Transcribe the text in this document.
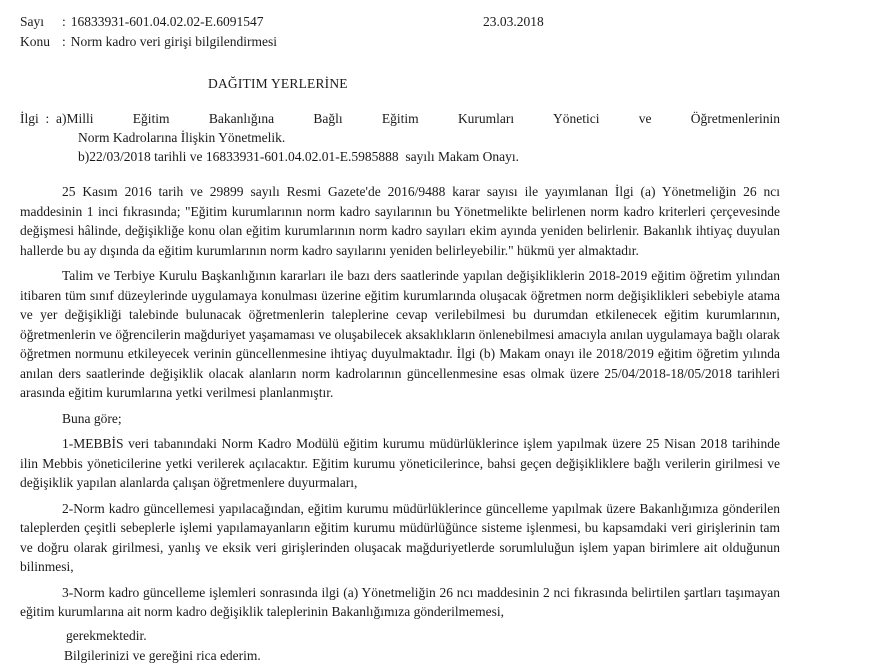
Sayı	: 16833931-601.04.02.02-E.6091547
Konu : Norm kadro veri girişi bilgilendirmesi
23.03.2018
DAĞITIM YERLERİNE
İlgi  : a)Milli Eğitim Bakanlığına Bağlı Eğitim Kurumları Yönetici ve Öğretmenlerinin
Norm Kadrolarına İlişkin Yönetmelik.
b)22/03/2018 tarihli ve 16833931-601.04.02.01-E.5985888  sayılı Makam Onayı.

25 Kasım 2016 tarih ve 29899 sayılı Resmi Gazete'de 2016/9488 karar sayısı ile yayımlanan İlgi (a) Yönetmeliğin 26 ncı maddesinin 1 inci fıkrasında; "Eğitim kurumlarının norm kadro sayılarının bu Yönetmelikte belirlenen norm kadro kriterleri çerçevesinde değişmesi hâlinde, değişikliğe konu olan eğitim kurumlarının norm kadro sayıları ekim ayında yeniden belirlenir. Bakanlık ihtiyaç duyulan hallerde bu ay dışında da eğitim kurumlarının norm kadro sayılarını yeniden belirleyebilir." hükmü yer almaktadır.

Talim ve Terbiye Kurulu Başkanlığının kararları ile bazı ders saatlerinde yapılan değişikliklerin 2018-2019 eğitim öğretim yılından itibaren tüm sınıf düzeylerinde uygulamaya konulması üzerine eğitim kurumlarında oluşacak öğretmen norm değişiklikleri sebebiyle atama ve yer değişikliği talebinde bulunacak öğretmenlerin taleplerine cevap verilebilmesi bu durumdan etkilenecek eğitim kurumlarının, öğretmenlerin ve öğrencilerin mağduriyet yaşamaması ve oluşabilecek aksaklıkların önlenebilmesi amacıyla anılan uygulamaya bağlı olarak öğretmen normunu etkileyecek verinin güncellenmesine ihtiyaç duyulmaktadır. İlgi (b) Makam onayı ile 2018/2019 eğitim öğretim yılında anılan ders saatlerinde değişiklik olacak alanların norm kadrolarının güncellenmesine esas olmak üzere 25/04/2018-18/05/2018 tarihleri arasında eğitim kurumlarına yetki verilmesi planlanmıştır.

Buna göre;

1-MEBBİS veri tabanındaki Norm Kadro Modülü eğitim kurumu müdürlüklerince işlem yapılmak üzere 25 Nisan 2018 tarihinde ilin Mebbis yöneticilerine yetki verilerek açılacaktır. Eğitim kurumu yöneticilerince, bahsi geçen değişikliklere bağlı verilerin girilmesi ve değişiklik yapılan alanlarda çalışan öğretmenlere duyurmaları,

2-Norm kadro güncellemesi yapılacağından, eğitim kurumu müdürlüklerince güncelleme yapılmak üzere Bakanlığımıza gönderilen taleplerden çeşitli sebeplerle işlemi yapılamayanların eğitim kurumu müdürlüğünce sisteme işlenmesi, bu kapsamdaki veri girişlerinin tam ve doğru olarak girilmesi, yanlış ve eksik veri girişlerinden oluşacak mağduriyetlerde sorumluluğun işlem yapan birimlere ait olduğunun bilinmesi,

3-Norm kadro güncelleme işlemleri sonrasında ilgi (a) Yönetmeliğin 26 ncı maddesinin 2 nci fıkrasında belirtilen şartları taşımayan eğitim kurumlarına ait norm kadro değişiklik taleplerinin Bakanlığımıza gönderilmemesi,

gerekmektedir.

Bilgilerinizi ve gereğini rica ederim.
